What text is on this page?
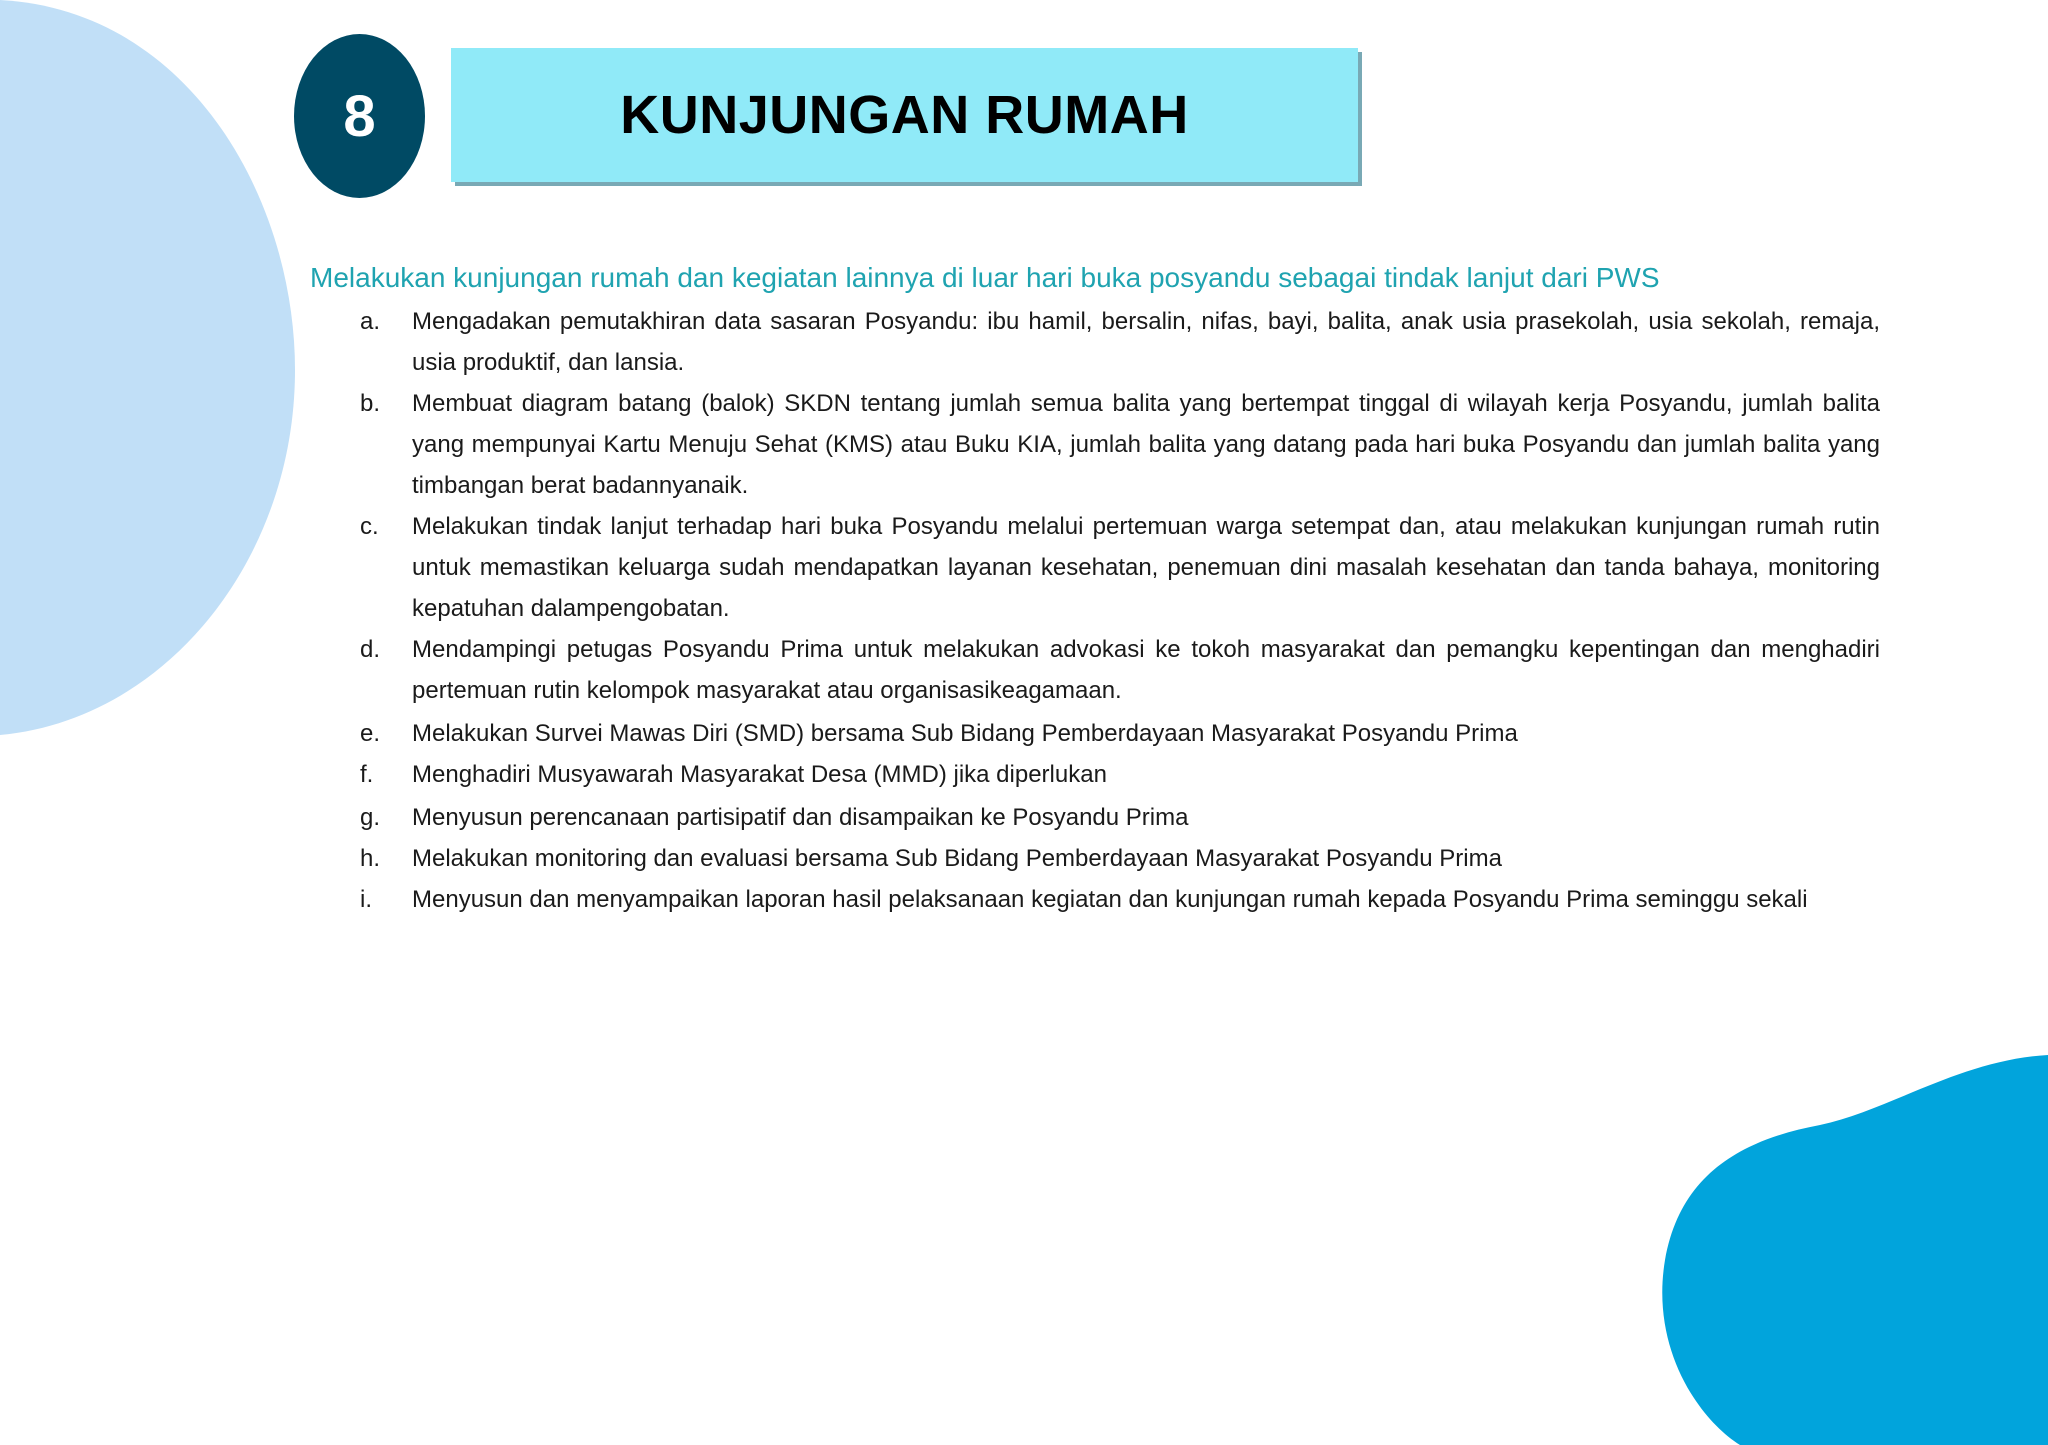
8	KUNJUNGAN RUMAH
Melakukan kunjungan rumah dan kegiatan lainnya di luar hari buka posyandu sebagai tindak lanjut dari PWS
a.	Mengadakan pemutakhiran data sasaran Posyandu: ibu hamil, bersalin, nifas, bayi, balita, anak usia prasekolah, usia sekolah, remaja, usia produktif, dan lansia.
b.	Membuat diagram batang (balok) SKDN tentang jumlah semua balita yang bertempat tinggal di wilayah kerja Posyandu, jumlah balita yang mempunyai Kartu Menuju Sehat (KMS) atau Buku KIA, jumlah balita yang datang pada hari buka Posyandu dan jumlah balita yang timbangan berat badannyanaik.
c.	Melakukan tindak lanjut terhadap hari buka Posyandu melalui pertemuan warga setempat dan, atau melakukan kunjungan rumah rutin untuk memastikan keluarga sudah mendapatkan layanan kesehatan, penemuan dini masalah kesehatan dan tanda bahaya, monitoring kepatuhan dalampengobatan.
d.	Mendampingi petugas Posyandu Prima untuk melakukan advokasi ke tokoh masyarakat dan pemangku kepentingan dan menghadiri pertemuan rutin kelompok masyarakat atau organisasikeagamaan.
e.	Melakukan Survei Mawas Diri (SMD) bersama Sub Bidang Pemberdayaan Masyarakat Posyandu Prima
f.	Menghadiri Musyawarah Masyarakat Desa (MMD) jika diperlukan
g.	Menyusun perencanaan partisipatif dan disampaikan ke Posyandu Prima
h.	Melakukan monitoring dan evaluasi bersama Sub Bidang Pemberdayaan Masyarakat Posyandu Prima
i.	Menyusun dan menyampaikan laporan hasil pelaksanaan kegiatan dan kunjungan rumah kepada Posyandu Prima seminggu sekali
